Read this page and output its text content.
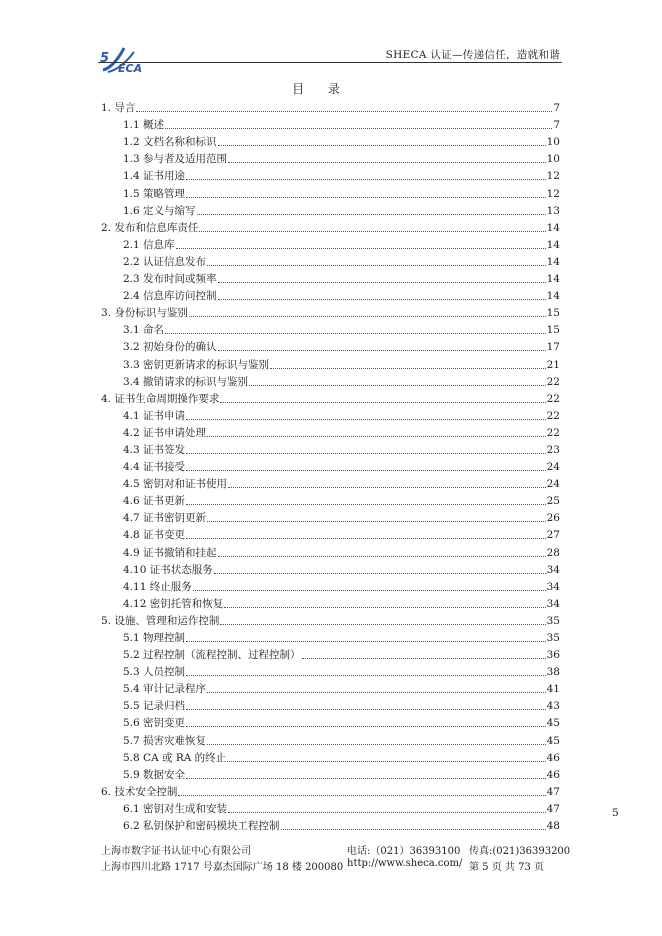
5
ECA
SHECA 认证—传递信任，造就和谐
目 录
1. 导言	7
1.1 概述	7
1.2 文档名称和标识	10
1.3 参与者及适用范围	10
1.4 证书用途	12
1.5 策略管理	12
1.6 定义与缩写	13
2. 发布和信息库责任	14
2.1 信息库	14
2.2 认证信息发布	14
2.3 发布时间或频率	14
2.4 信息库访问控制	14
3. 身份标识与鉴别	15
3.1 命名	15
3.2 初始身份的确认	17
3.3 密钥更新请求的标识与鉴别	21
3.4 撤销请求的标识与鉴别	22
4. 证书生命周期操作要求	22
4.1 证书申请	22
4.2 证书申请处理	22
4.3 证书签发	23
4.4 证书接受	24
4.5 密钥对和证书使用	24
4.6 证书更新	25
4.7 证书密钥更新	26
4.8 证书变更	27
4.9 证书撤销和挂起	28
4.10 证书状态服务	34
4.11 终止服务	34
4.12 密钥托管和恢复	34
5. 设施、管理和运作控制	35
5.1 物理控制	35
5.2 过程控制（流程控制、过程控制）	36
5.3 人员控制	38
5.4 审计记录程序	41
5.5 记录归档	43
5.6 密钥变更	45
5.7 损害灾难恢复	45
5.8 CA 或 RA 的终止	46
5.9 数据安全	46
6. 技术安全控制	47
6.1 密钥对生成和安装	47
6.2 私钥保护和密码模块工程控制	48
5
上海市数字证书认证中心有限公司	电话:（021）36393100 传真:(021)36393200
上海市四川北路 1717 号嘉杰国际广场 18 楼 200080 http://www.sheca.com/ 第 5 页 共 73 页
